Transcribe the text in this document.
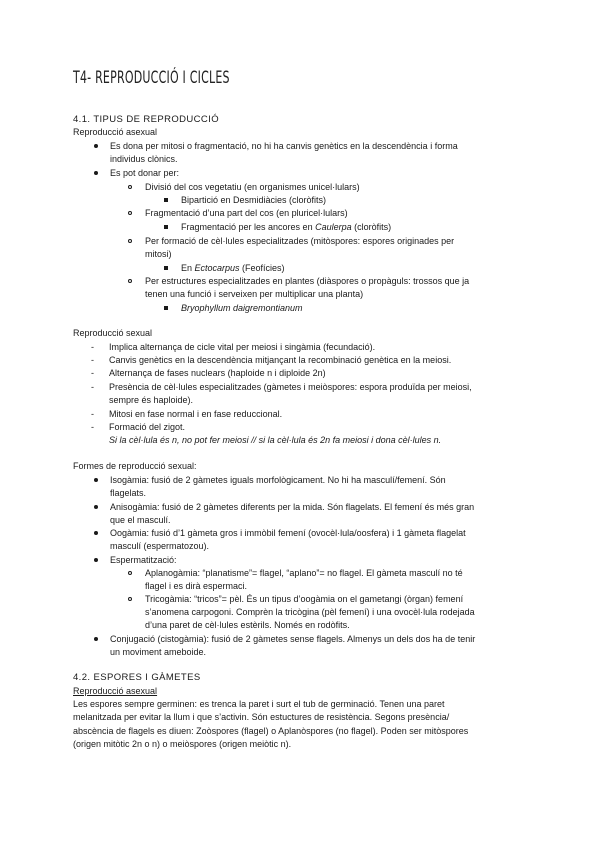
T4- REPRODUCCIÓ I CICLES
4.1. TIPUS DE REPRODUCCIÓ
Reproducció asexual
Es dona per mitosi o fragmentació, no hi ha canvis genètics en la descendència i forma
individus clònics.
Es pot donar per:
Divisió del cos vegetatiu (en organismes unicel·lulars)
Bipartició en Desmidiàcies (cloròfits)
Fragmentació d’una part del cos (en pluricel·lulars)
Fragmentació per les ancores en Caulerpa (cloròfits)
Per formació de cèl·lules especialitzades (mitòspores: espores originades per
mitosi)
En Ectocarpus (Feofícies)
Per estructures especialitzades en plantes (diàspores o propàguls: trossos que ja
tenen una funció i serveixen per multiplicar una planta)
Bryophyllum daigremontianum
Reproducció sexual
- Implica alternança de cicle vital per meiosi i singàmia (fecundació).
- Canvis genètics en la descendència mitjançant la recombinació genètica en la meiosi.
- Alternança de fases nuclears (haploide n i diploide 2n)
- Presència de cèl·lules especialitzades (gàmetes i meiòspores: espora produïda per meiosi,
sempre és haploide).
- Mitosi en fase normal i en fase reduccional.
- Formació del zigot.
Si la cèl·lula és n, no pot fer meiosi // si la cèl·lula és 2n fa meiosi i dona cèl·lules n.
Formes de reproducció sexual:
Isogàmia: fusió de 2 gàmetes iguals morfològicament. No hi ha masculí/femení. Són
flagelats.
Anisogàmia: fusió de 2 gàmetes diferents per la mida. Són flagelats. El femení és més gran
que el masculí.
Oogàmia: fusió d’1 gàmeta gros i immòbil femení (ovocèl·lula/oosfera) i 1 gàmeta flagelat
masculí (espermatozou).
Espermatització:
Aplanogàmia: “planatisme”= flagel, “aplano”= no flagel. El gàmeta masculí no té
flagel i es dirà espermaci.
Tricogàmia: “tricos”= pèl. És un tipus d’oogàmia on el gametangi (òrgan) femení
s’anomena carpogoni. Comprèn la tricògina (pèl femení) i una ovocèl·lula rodejada
d’una paret de cèl·lules estèrils. Només en rodòfits.
Conjugació (cistogàmia): fusió de 2 gàmetes sense flagels. Almenys un dels dos ha de tenir
un moviment ameboide.
4.2. ESPORES I GÀMETES
Reproducció asexual
Les espores sempre germinen: es trenca la paret i surt el tub de germinació. Tenen una paret
melanitzada per evitar la llum i que s’activin. Són estuctures de resistència. Segons presència/
abscència de flagels es diuen: Zoòspores (flagel) o Aplanòspores (no flagel). Poden ser mitòspores
(origen mitòtic 2n o n) o meiòspores (origen meiòtic n).
